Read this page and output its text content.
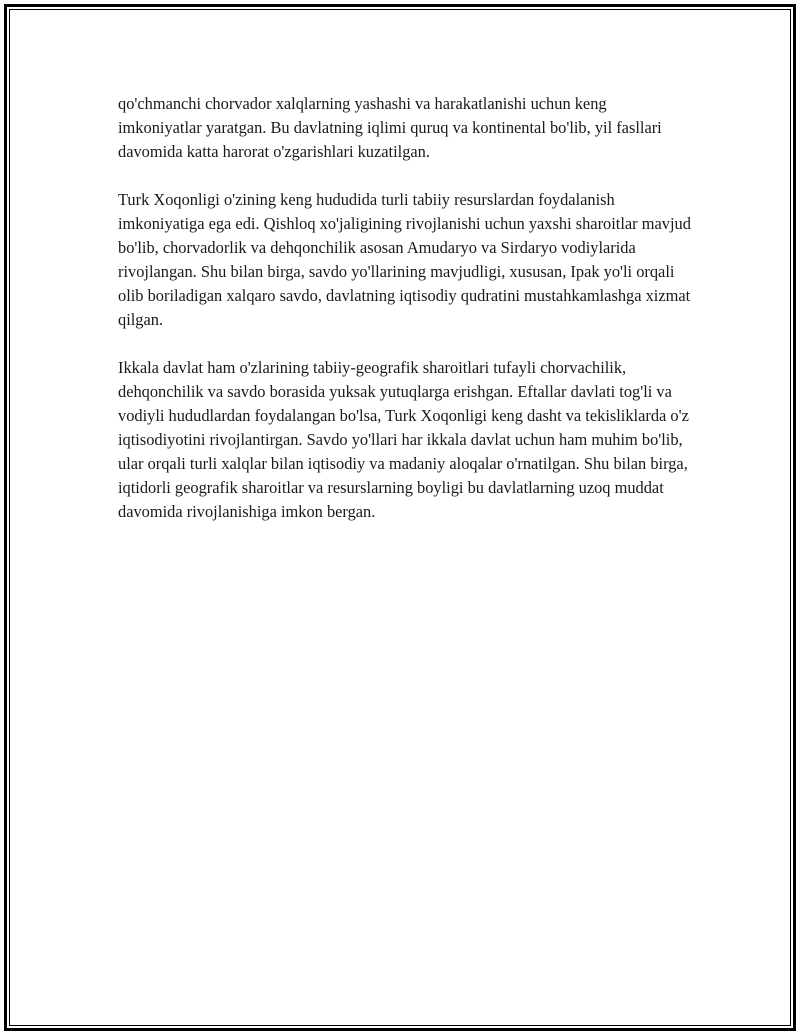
qo'chmanchi chorvador xalqlarning yashashi va harakatlanishi uchun keng imkoniyatlar yaratgan. Bu davlatning iqlimi quruq va kontinental bo'lib, yil fasllari davomida katta harorat o'zgarishlari kuzatilgan.

Turk Xoqonligi o'zining keng hududida turli tabiiy resurslardan foydalanish imkoniyatiga ega edi. Qishloq xo'jaligining rivojlanishi uchun yaxshi sharoitlar mavjud bo'lib, chorvadorlik va dehqonchilik asosan Amudaryo va Sirdaryo vodiylarida rivojlangan. Shu bilan birga, savdo yo'llarining mavjudligi, xususan, Ipak yo'li orqali olib boriladigan xalqaro savdo, davlatning iqtisodiy qudratini mustahkamlashga xizmat qilgan.

Ikkala davlat ham o'zlarining tabiiy-geografik sharoitlari tufayli chorvachilik, dehqonchilik va savdo borasida yuksak yutuqlarga erishgan. Eftallar davlati tog'li va vodiyli hududlardan foydalangan bo'lsa, Turk Xoqonligi keng dasht va tekisliklarda o'z iqtisodiyotini rivojlantirgan. Savdo yo'llari har ikkala davlat uchun ham muhim bo'lib, ular orqali turli xalqlar bilan iqtisodiy va madaniy aloqalar o'rnatilgan. Shu bilan birga, iqtidorli geografik sharoitlar va resurslarning boyligi bu davlatlarning uzoq muddat davomida rivojlanishiga imkon bergan.
